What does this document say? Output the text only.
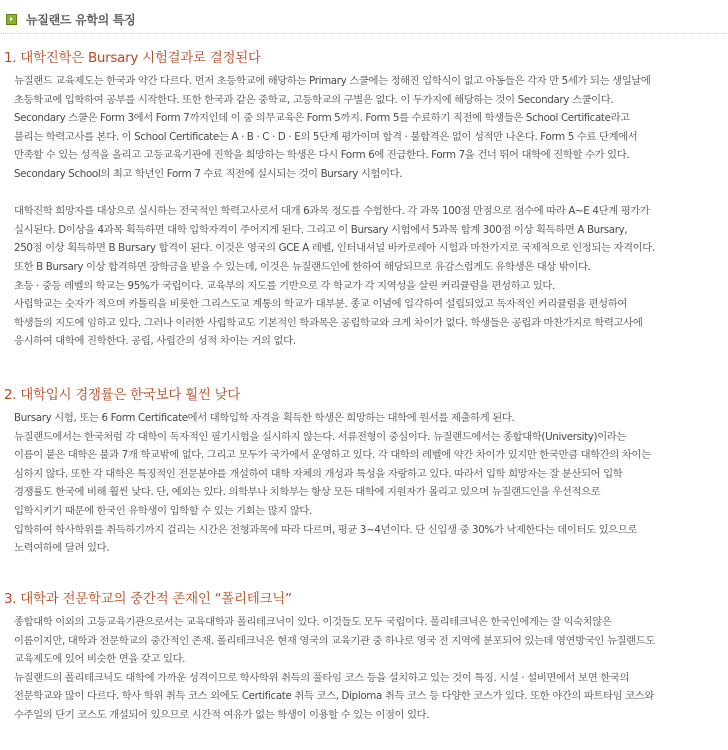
뉴질랜드 유학의 특징
1. 대학진학은 Bursary 시험결과로 결정된다
뉴질랜드 교육제도는 한국과 약간 다르다. 먼저 초등학교에 해당하는 Primary 스쿨에는 정해진 입학식이 없고 아동들은 각자 만 5세가 되는 생일날에
초등학교에 입학하여 공부를 시작한다. 또한 한국과 같은 중학교, 고등학교의 구별은 없다. 이 두가지에 해당하는 것이 Secondary 스쿨이다.
Secondary 스쿨은 Form 3에서 Form 7까지인데 이 중 의무교육은 Form 5까지. Form 5를 수료하기 직전에 학생들은 School Certificate라고
불리는 학력고사를 본다. 이 School Certificate는 A · B · C · D · E의 5단계 평가이며 합격 · 불합격은 없이 성적만 나온다. Form 5 수료 단계에서
만족할 수 있는 성적을 올리고 고등교육기관에 진학을 희망하는 학생은 다시 Form 6에 진급한다. Form 7을 건너 뛰어 대학에 진학할 수가 있다.
Secondary School의 최고 학년인 Form 7 수료 직전에 실시되는 것이 Bursary 시험이다.
대학진학 희망자를 대상으로 실시하는 전국적인 학력고사로서 대개 6과목 정도를 수험한다. 각 과목 100점 만점으로 점수에 따라 A~E 4단계 평가가
실시된다. D이상을 4과목 획득하면 대학 입학자격이 주어지게 된다. 그리고 이 Bursary 시험에서 5과목 합계 300점 이상 획득하면 A Bursary,
250점 이상 획득하면 B Bursary 합격이 된다. 이것은 영국의 GCE A 레벨, 인터내셔널 바카로레아 시험과 마찬가지로 국제적으로 인정되는 자격이다.
또한 B Bursary 이상 합격하면 장학금을 받을 수 있는데, 이것은 뉴질랜드인에 한하여 해당되므로 유감스럽게도 유학생은 대상 밖이다.
초등 · 중등 레벨의 학교는 95%가 국립이다. 교육부의 지도를 기반으로 각 학교가 각 지역성을 살린 커리큘럼을 편성하고 있다.
사립학교는 숫자가 적으며 카톨릭을 비롯한 그리스도교 계통의 학교가 대부분. 종교 이념에 입각하여 설립되었고 독자적인 커리큘럼을 편성하여
학생들의 지도에 임하고 있다. 그러나 이러한 사립학교도 기본적인 학과목은 공립학교와 크게 차이가 없다. 학생들은 공립과 마찬가지로 학력고사에
응시하여 대학에 진학한다. 공립, 사립간의 성적 차이는 거의 없다.
2. 대학입시 경쟁률은 한국보다 훨씬 낮다
Bursary 시험, 또는 6 Form Certificate에서 대학입학 자격을 획득한 학생은 희망하는 대학에 원서를 제출하게 된다.
뉴질랜드에서는 한국처럼 각 대학이 독자적인 필기시험을 실시하지 않는다. 서류전형이 중심이다. 뉴질랜드에서는 종합대학(University)이라는
이름이 붙은 대학은 불과 7개 학교밖에 없다. 그리고 모두가 국가에서 운영하고 있다. 각 대학의 레벨에 약간 차이가 있지만 한국만큼 대학간의 차이는
심하지 않다. 또한 각 대학은 특징적인 전문분야를 개설하여 대학 자체의 개성과 특성을 자랑하고 있다. 따라서 입학 희망자는 잘 분산되어 입학
경쟁률도 한국에 비해 훨씬 낮다. 단, 예외는 있다. 의학부나 치학부는 항상 모든 대학에 지원자가 몰리고 있으며 뉴질랜드인을 우선적으로
입학시키기 때문에 한국인 유학생이 입학할 수 있는 기회는 많지 않다.
입학하여 학사학위를 취득하기까지 걸리는 시간은 전형과목에 따라 다르며, 평균 3~4년이다. 단 신입생 중 30%가 낙제한다는 데이터도 있으므로
노력여하에 달려 있다.
3. 대학과 전문학교의 중간적 존재인 “폴리테크닉”
종합대학 이외의 고등교육기관으로서는 교육대학과 폴리테크닉이 있다. 이것들도 모두 국립이다. 폴리테크닉은 한국인에게는 잘 익숙치않은
이름이지만, 대학과 전문학교의 중간적인 존재. 폴리테크닉은 현재 영국의 교육기관 중 하나로 영국 전 지역에 분포되어 있는데 영연방국인 뉴질랜드도
교육제도에 있어 비슷한 면을 갖고 있다.
뉴질랜드의 폴리테크닉도 대학에 가까운 성격이므로 학사학위 취득의 풀타임 코스 등을 설치하고 있는 것이 특징. 시설 · 설비면에서 보면 한국의
전문학교와 많이 다르다. 학사 학위 취득 코스 외에도 Certificate 취득 코스, Diploma 취득 코스 등 다양한 코스가 있다. 또한 야간의 파트타임 코스와
수주일의 단기 코스도 개설되어 있으므로 시간적 여유가 없는 학생이 이용할 수 있는 이점이 있다.
